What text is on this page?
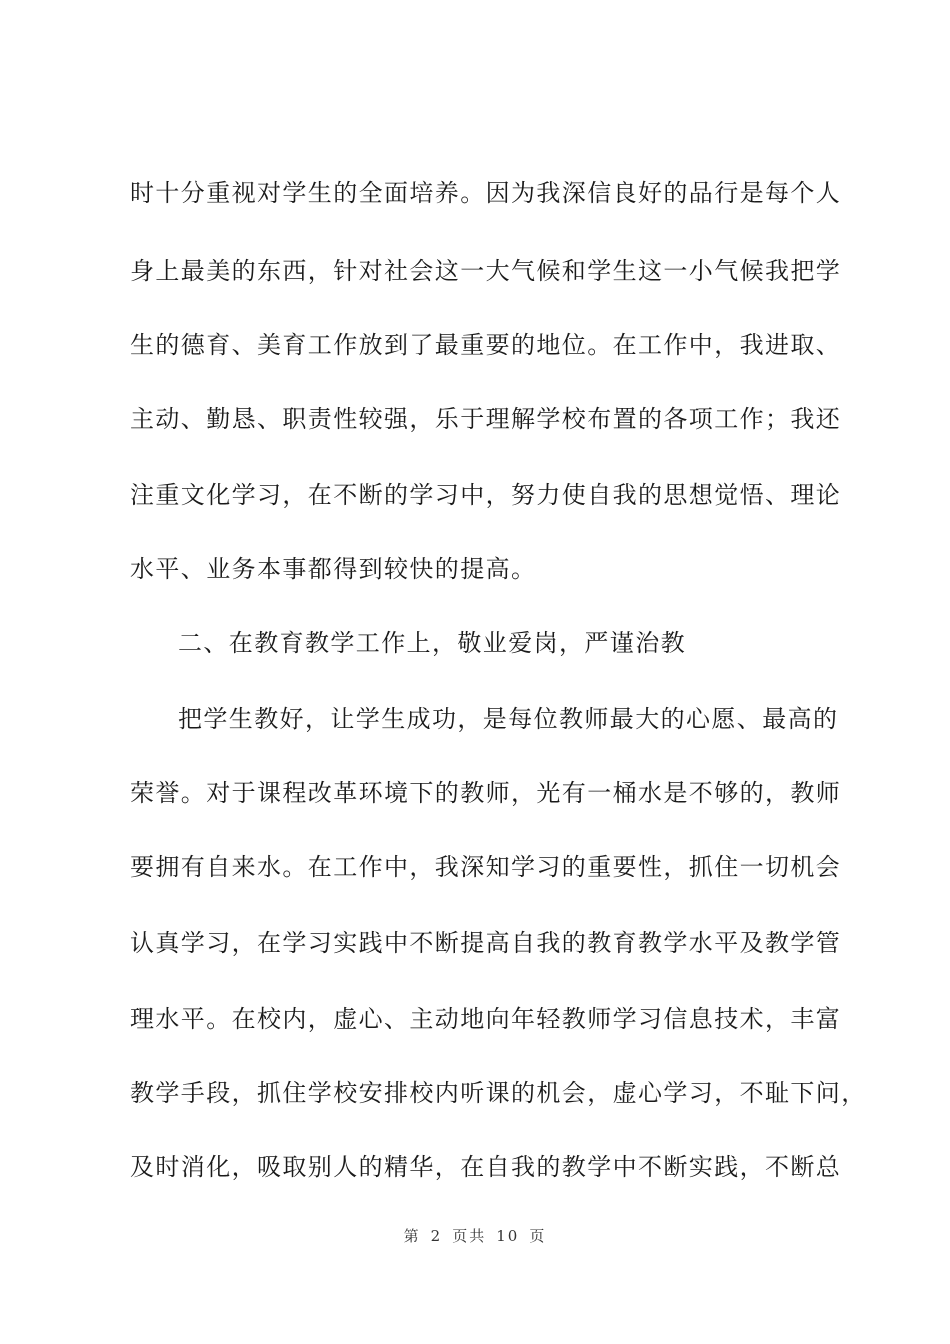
时十分重视对学生的全面培养。因为我深信良好的品行是每个人
身上最美的东西，针对社会这一大气候和学生这一小气候我把学
生的德育、美育工作放到了最重要的地位。在工作中，我进取、
主动、勤恳、职责性较强，乐于理解学校布置的各项工作；我还
注重文化学习，在不断的学习中，努力使自我的思想觉悟、理论
水平、业务本事都得到较快的提高。
二、在教育教学工作上，敬业爱岗，严谨治教
把学生教好，让学生成功，是每位教师最大的心愿、最高的
荣誉。对于课程改革环境下的教师，光有一桶水是不够的，教师
要拥有自来水。在工作中，我深知学习的重要性，抓住一切机会
认真学习，在学习实践中不断提高自我的教育教学水平及教学管
理水平。在校内，虚心、主动地向年轻教师学习信息技术，丰富
教学手段，抓住学校安排校内听课的机会，虚心学习，不耻下问，
及时消化，吸取别人的精华，在自我的教学中不断实践，不断总
第 2 页共 10 页
